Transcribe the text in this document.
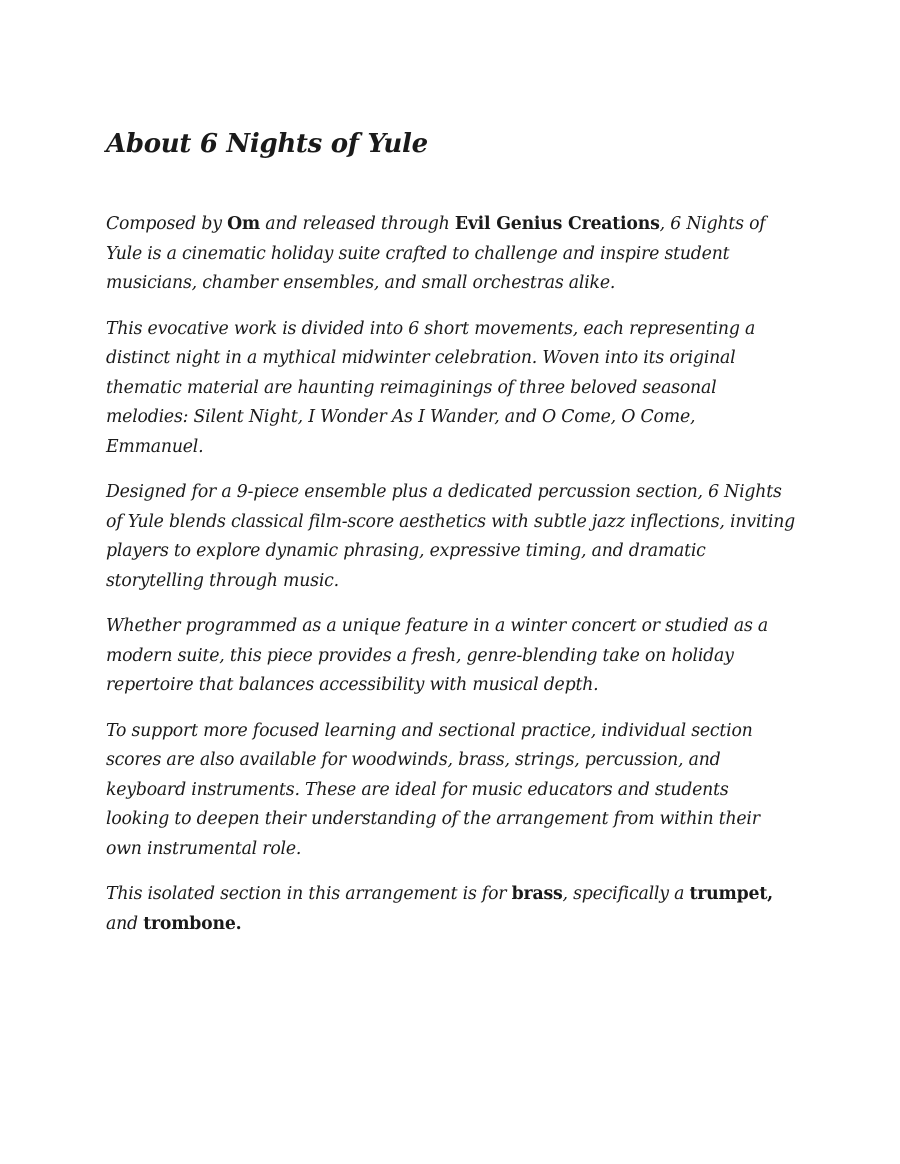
About 6 Nights of Yule

Composed by Om and released through Evil Genius Creations, 6 Nights of Yule is a cinematic holiday suite crafted to challenge and inspire student musicians, chamber ensembles, and small orchestras alike.

This evocative work is divided into 6 short movements, each representing a distinct night in a mythical midwinter celebration. Woven into its original thematic material are haunting reimaginings of three beloved seasonal melodies: Silent Night, I Wonder As I Wander, and O Come, O Come, Emmanuel.

Designed for a 9-piece ensemble plus a dedicated percussion section, 6 Nights of Yule blends classical film-score aesthetics with subtle jazz inflections, inviting players to explore dynamic phrasing, expressive timing, and dramatic storytelling through music.

Whether programmed as a unique feature in a winter concert or studied as a modern suite, this piece provides a fresh, genre-blending take on holiday repertoire that balances accessibility with musical depth.

To support more focused learning and sectional practice, individual section scores are also available for woodwinds, brass, strings, percussion, and keyboard instruments. These are ideal for music educators and students looking to deepen their understanding of the arrangement from within their own instrumental role.

This isolated section in this arrangement is for brass, specifically a trumpet, and trombone.
